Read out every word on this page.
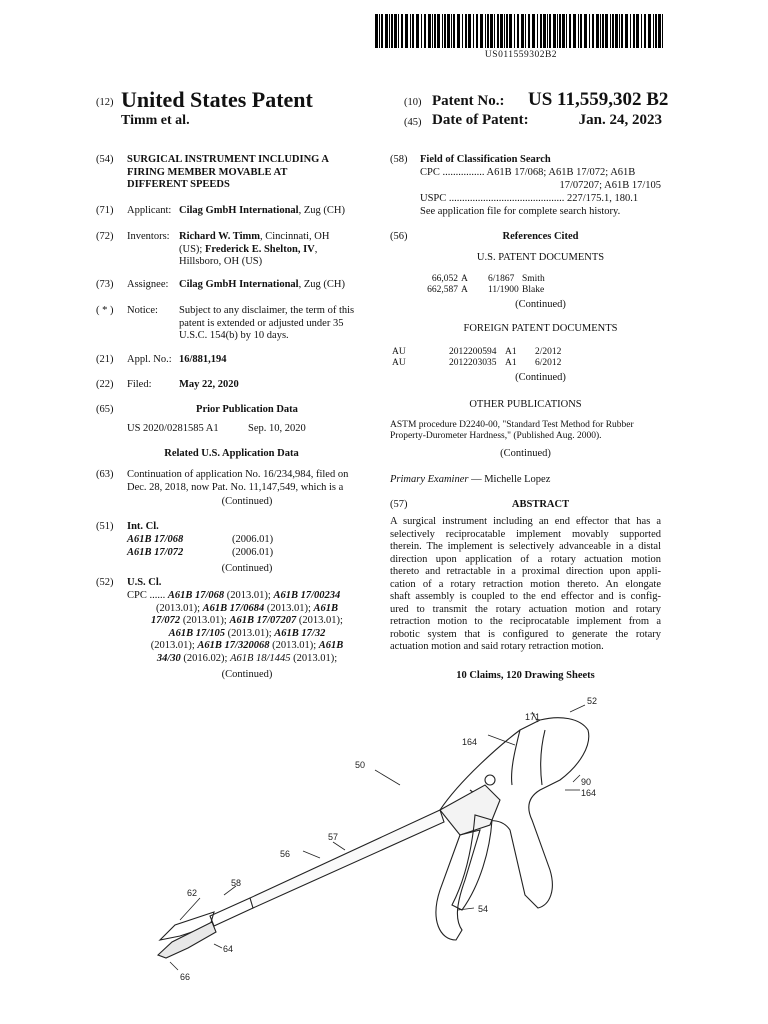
US011559302B2
(12) United States Patent
Timm et al.
(10) Patent No.: US 11,559,302 B2
(45) Date of Patent:	Jan. 24, 2023
(54) SURGICAL INSTRUMENT INCLUDING A
FIRING MEMBER MOVABLE AT
DIFFERENT SPEEDS
(71) Applicant: Cilag GmbH International, Zug (CH)
(72) Inventors: Richard W. Timm, Cincinnati, OH
(US); Frederick E. Shelton, IV,
Hillsboro, OH (US)
(73) Assignee: Cilag GmbH International, Zug (CH)
( * ) Notice: Subject to any disclaimer, the term of this
patent is extended or adjusted under 35
U.S.C. 154(b) by 10 days.
(21) Appl. No.: 16/881,194
(22) Filed:	May 22, 2020
(65)	Prior Publication Data
US 2020/0281585 A1	Sep. 10, 2020
Related U.S. Application Data
(63) Continuation of application No. 16/234,984, filed on
Dec. 28, 2018, now Pat. No. 11,147,549, which is a
(Continued)
(51) Int. Cl.
A61B 17/068	(2006.01)
A61B 17/072	(2006.01)
(Continued)
(52) U.S. Cl.
CPC ...... A61B 17/068 (2013.01); A61B 17/00234
(2013.01); A61B 17/0684 (2013.01); A61B
17/072 (2013.01); A61B 17/07207 (2013.01);
A61B 17/105 (2013.01); A61B 17/32
(2013.01); A61B 17/320068 (2013.01); A61B
34/30 (2016.02); A61B 18/1445 (2013.01);
(Continued)
(58) Field of Classification Search
CPC ................ A61B 17/068; A61B 17/072; A61B
17/07207; A61B 17/105
USPC ............................................ 227/175.1, 180.1
See application file for complete search history.
(56)	References Cited
U.S. PATENT DOCUMENTS
66,052 A 6/1867 Smith
662,587 A 11/1900 Blake
(Continued)
FOREIGN PATENT DOCUMENTS
AU	2012200594 A1 2/2012
AU	2012203035 A1 6/2012
(Continued)
OTHER PUBLICATIONS
ASTM procedure D2240-00, "Standard Test Method for Rubber
Property-Durometer Hardness," (Published Aug. 2000).
(Continued)
Primary Examiner — Michelle Lopez
(57)	ABSTRACT
A surgical instrument including an end effector that has a
selectively reciprocatable implement movably supported
therein. The implement is selectively advanceable in a distal
direction upon application of a rotary actuation motion
thereto and retractable in a proximal direction upon appli-
cation of a rotary retraction motion thereto. An elongate
shaft assembly is coupled to the end effector and is config-
ured to transmit the rotary actuation motion and rotary
retraction motion to the reciprocatable implement from a
robotic system that is configured to generate the rotary
actuation motion and said rotary retraction motion.
10 Claims, 120 Drawing Sheets
52
171
164
50
90
164
57
56
58
62
54
64
66
